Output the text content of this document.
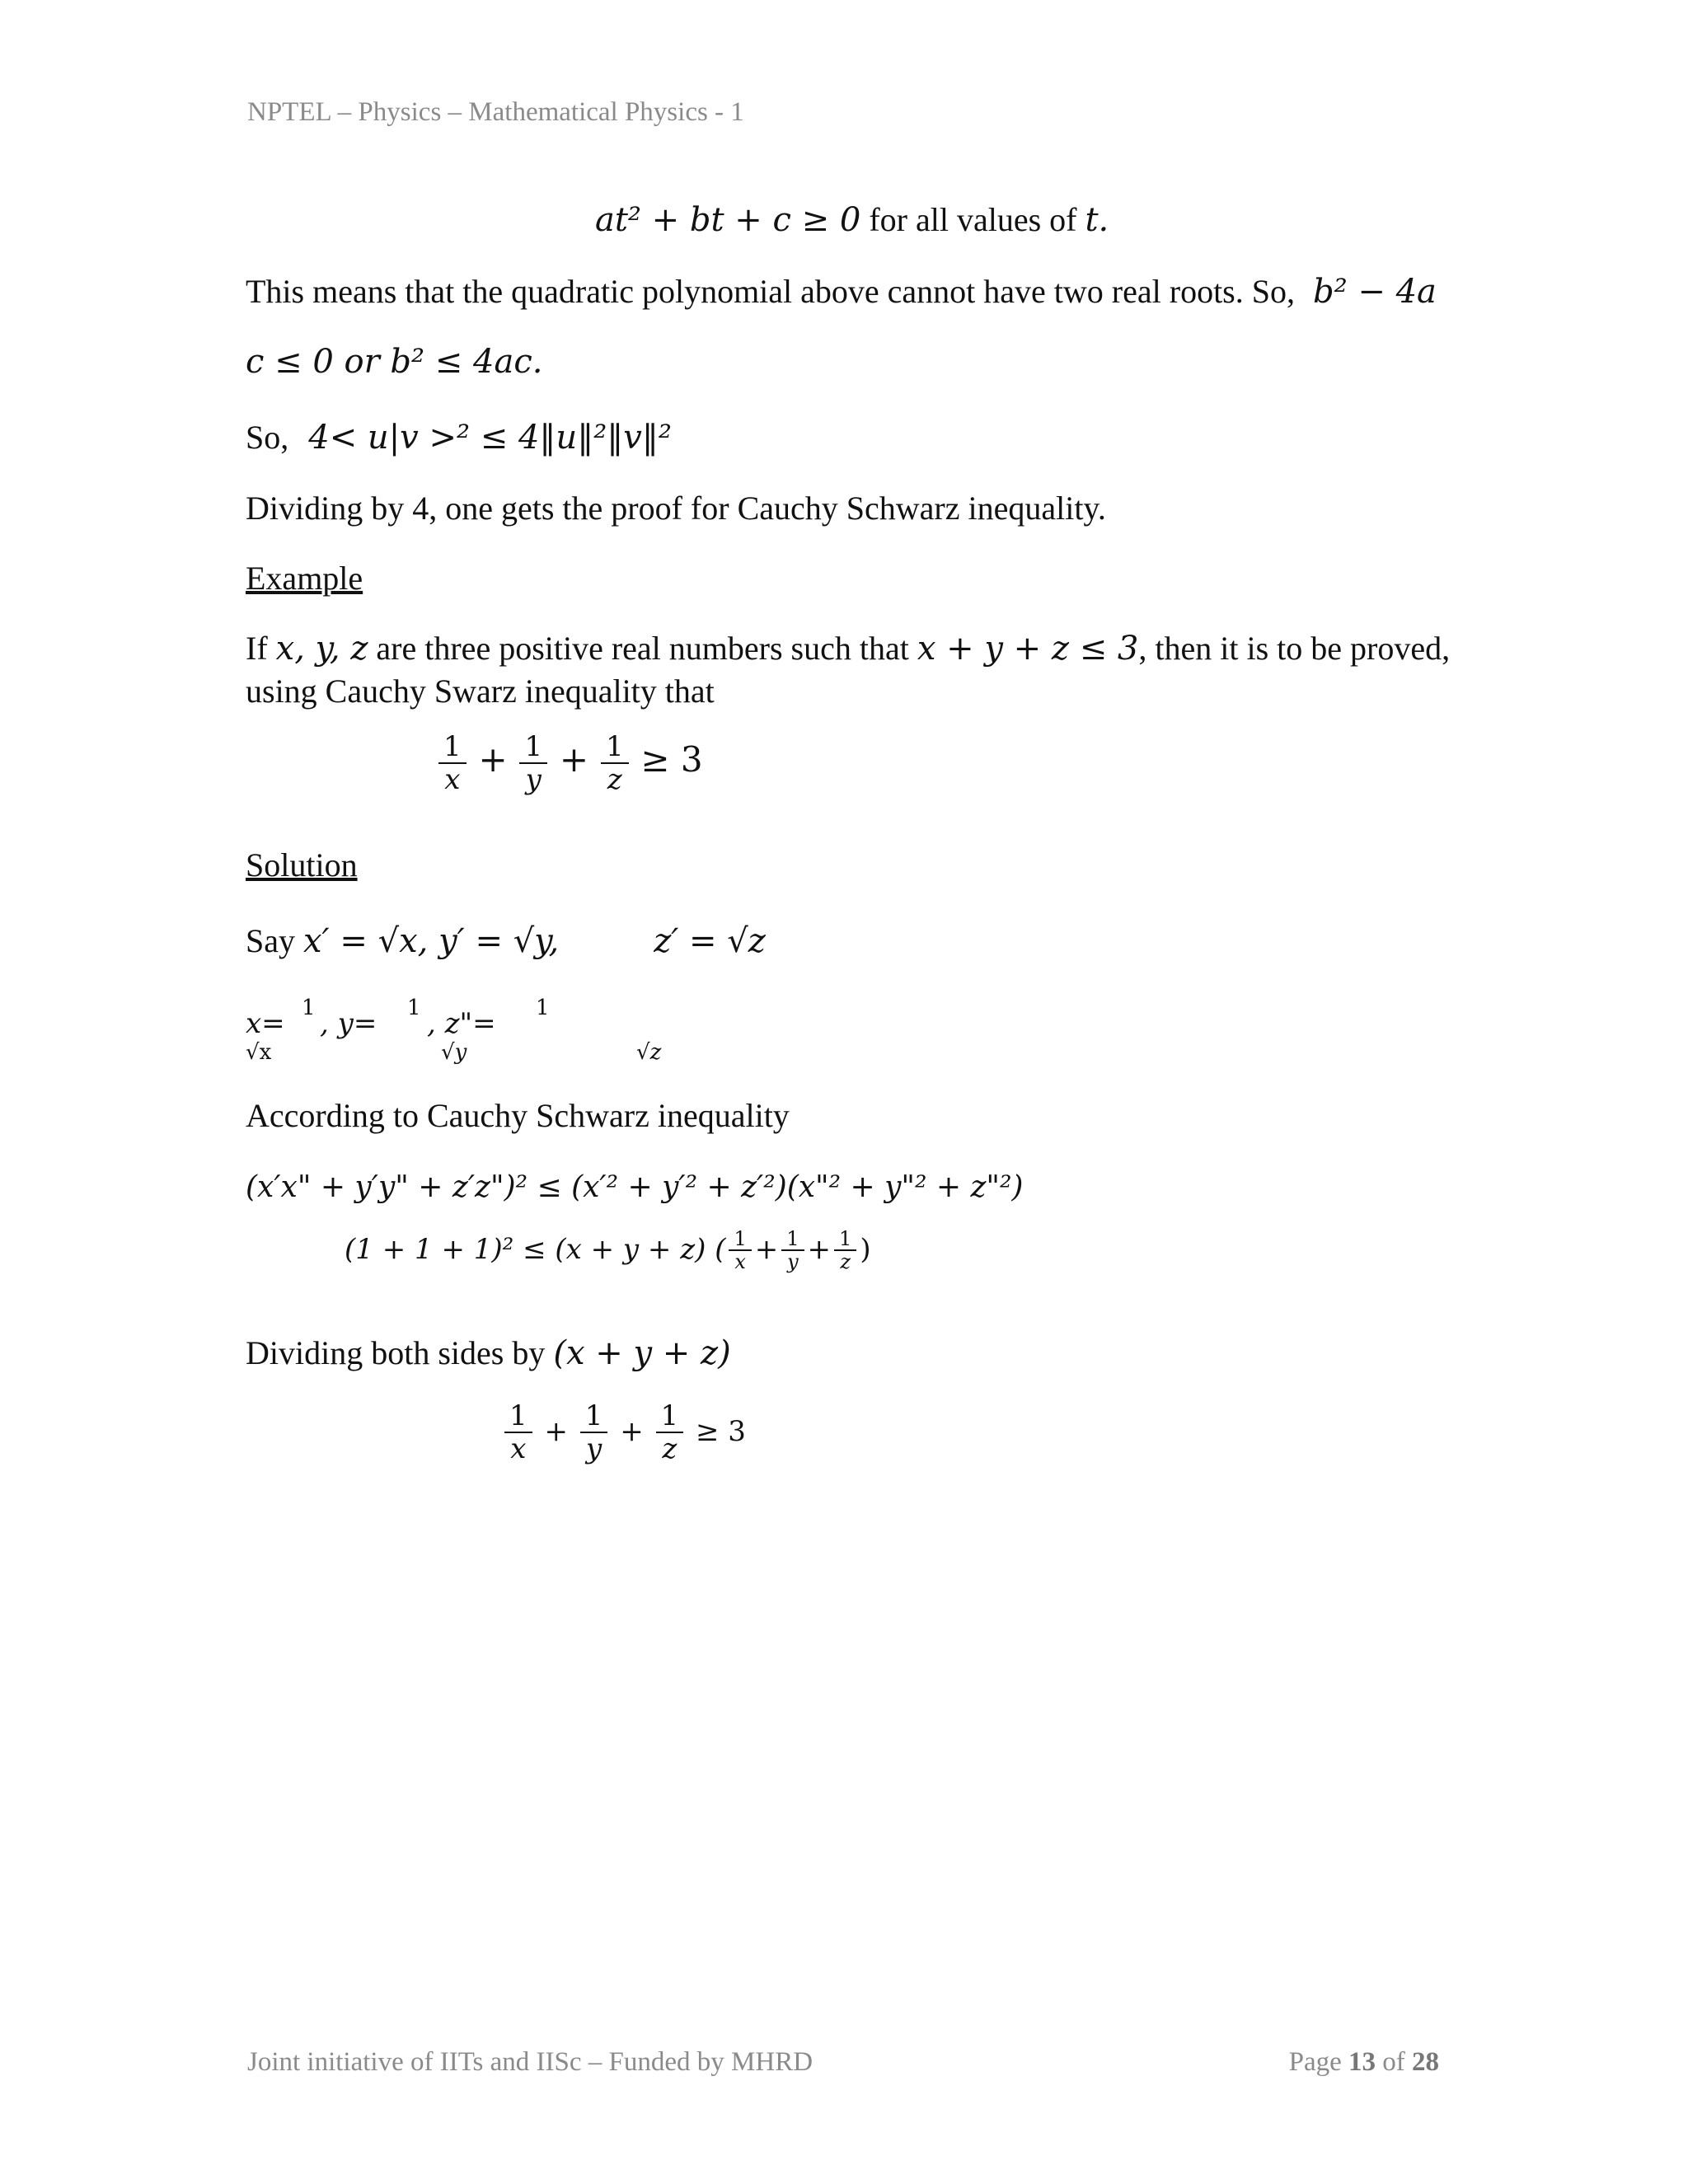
NPTEL – Physics – Mathematical Physics - 1
at² + bt + c ≥ 0 for all values of t.
This means that the quadratic polynomial above cannot have two real roots. So, b² − 4a
c ≤ 0 or b² ≤ 4ac.
So, 4< u|v >² ≤ 4‖u‖²‖v‖²
Dividing by 4, one gets the proof for Cauchy Schwarz inequality.
Example
If x, y, z are three positive real numbers such that x + y + z ≤ 3, then it is to be proved,
using Cauchy Swarz inequality that
$\frac{1}{x} + \frac{1}{y} + \frac{1}{z} \ge 3$
Solution
Say x′ = √x, y′ = √y,	z′ = √z
x= 1
√x
, y= 1
√y
, z"= 1
√z
According to Cauchy Schwarz inequality
(x′x" + y′y" + z′z")² ≤ (x′² + y′² + z′²)(x"² + y"² + z"²)
(1 + 1 + 1)² ≤ (x + y + z) ( $\frac{1}{x} + \frac{1}{y} + \frac{1}{z}$ )
Dividing both sides by (x + y + z)
$\frac{1}{x} + \frac{1}{y} + \frac{1}{z} \ge 3$
Joint initiative of IITs and IISc – Funded by MHRD	Page 13 of 28
